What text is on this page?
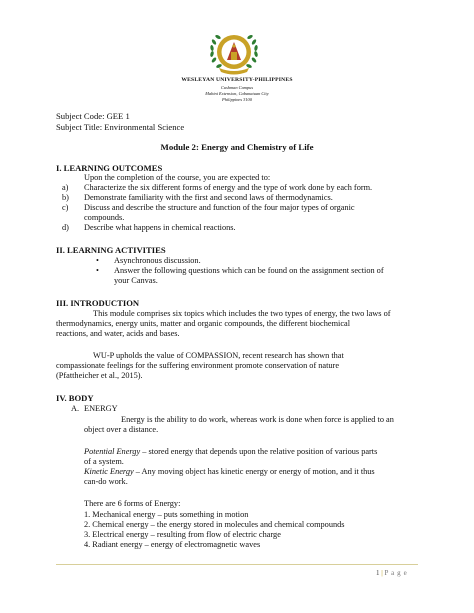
WESLEYAN UNIVERSITY-PHILIPPINES
Cushman Campus
Mabini Extension, Cabanatuan City
Philippines 3100
Subject Code: GEE 1
Subject Title: Environmental Science
Module 2: Energy and Chemistry of Life
I. LEARNING OUTCOMES
Upon the completion of the course, you are expected to:
a) Characterize the six different forms of energy and the type of work done by each form.
b) Demonstrate familiarity with the first and second laws of thermodynamics.
c) Discuss and describe the structure and function of the four major types of organic
compounds.
d) Describe what happens in chemical reactions.
II. LEARNING ACTIVITIES
• Asynchronous discussion.
• Answer the following questions which can be found on the assignment section of
your Canvas.
III. INTRODUCTION
This module comprises six topics which includes the two types of energy, the two laws of
thermodynamics, energy units, matter and organic compounds, the different biochemical
reactions, and water, acids and bases.
WU-P upholds the value of COMPASSION, recent research has shown that
compassionate feelings for the suffering environment promote conservation of nature
(Pfattheicher et al., 2015).
IV. BODY
A. ENERGY
Energy is the ability to do work, whereas work is done when force is applied to an
object over a distance.
Potential Energy – stored energy that depends upon the relative position of various parts
of a system.
Kinetic Energy – Any moving object has kinetic energy or energy of motion, and it thus
can-do work.
There are 6 forms of Energy:
1. Mechanical energy – puts something in motion
2. Chemical energy – the energy stored in molecules and chemical compounds
3. Electrical energy – resulting from flow of electric charge
4. Radiant energy – energy of electromagnetic waves
1 | P a g e
